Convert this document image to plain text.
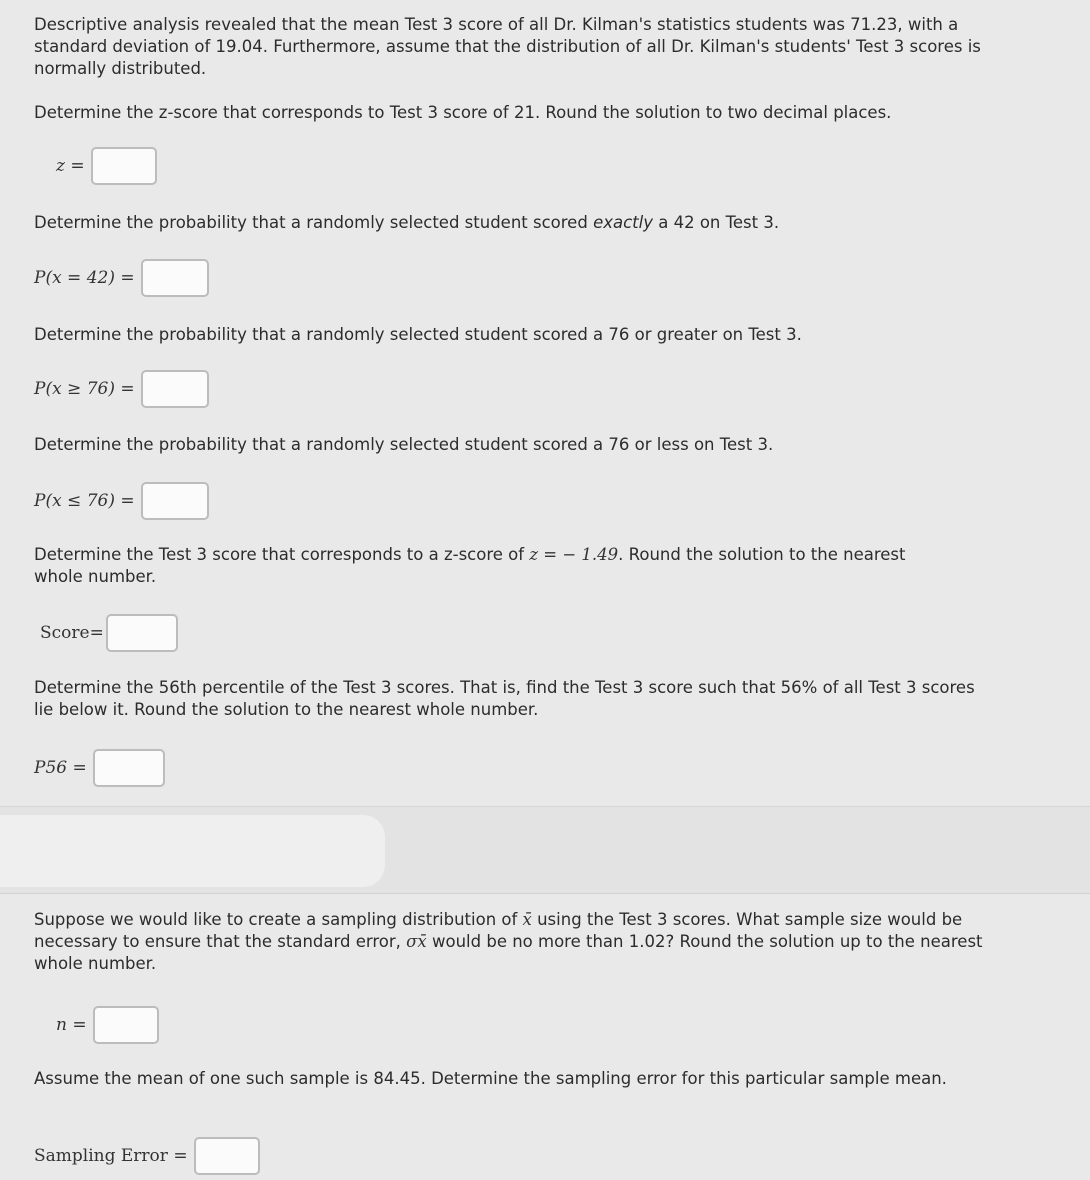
Descriptive analysis revealed that the mean Test 3 score of all Dr. Kilman's statistics students was 71.23, with a standard deviation of 19.04. Furthermore, assume that the distribution of all Dr. Kilman's students' Test 3 scores is normally distributed.
Determine the z-score that corresponds to Test 3 score of 21. Round the solution to two decimal places.
z =
Determine the probability that a randomly selected student scored exactly a 42 on Test 3.
P(x = 42) =
Determine the probability that a randomly selected student scored a 76 or greater on Test 3.
P(x ≥ 76) =
Determine the probability that a randomly selected student scored a 76 or less on Test 3.
P(x ≤ 76) =
Determine the Test 3 score that corresponds to a z-score of z = − 1.49. Round the solution to the nearest whole number.
Score=
Determine the 56th percentile of the Test 3 scores. That is, find the Test 3 score such that 56% of all Test 3 scores lie below it. Round the solution to the nearest whole number.
P56 =
Suppose we would like to create a sampling distribution of x̄ using the Test 3 scores. What sample size would be necessary to ensure that the standard error, σx̄ would be no more than 1.02? Round the solution up to the nearest whole number.
n =
Assume the mean of one such sample is 84.45. Determine the sampling error for this particular sample mean.
Sampling Error =
